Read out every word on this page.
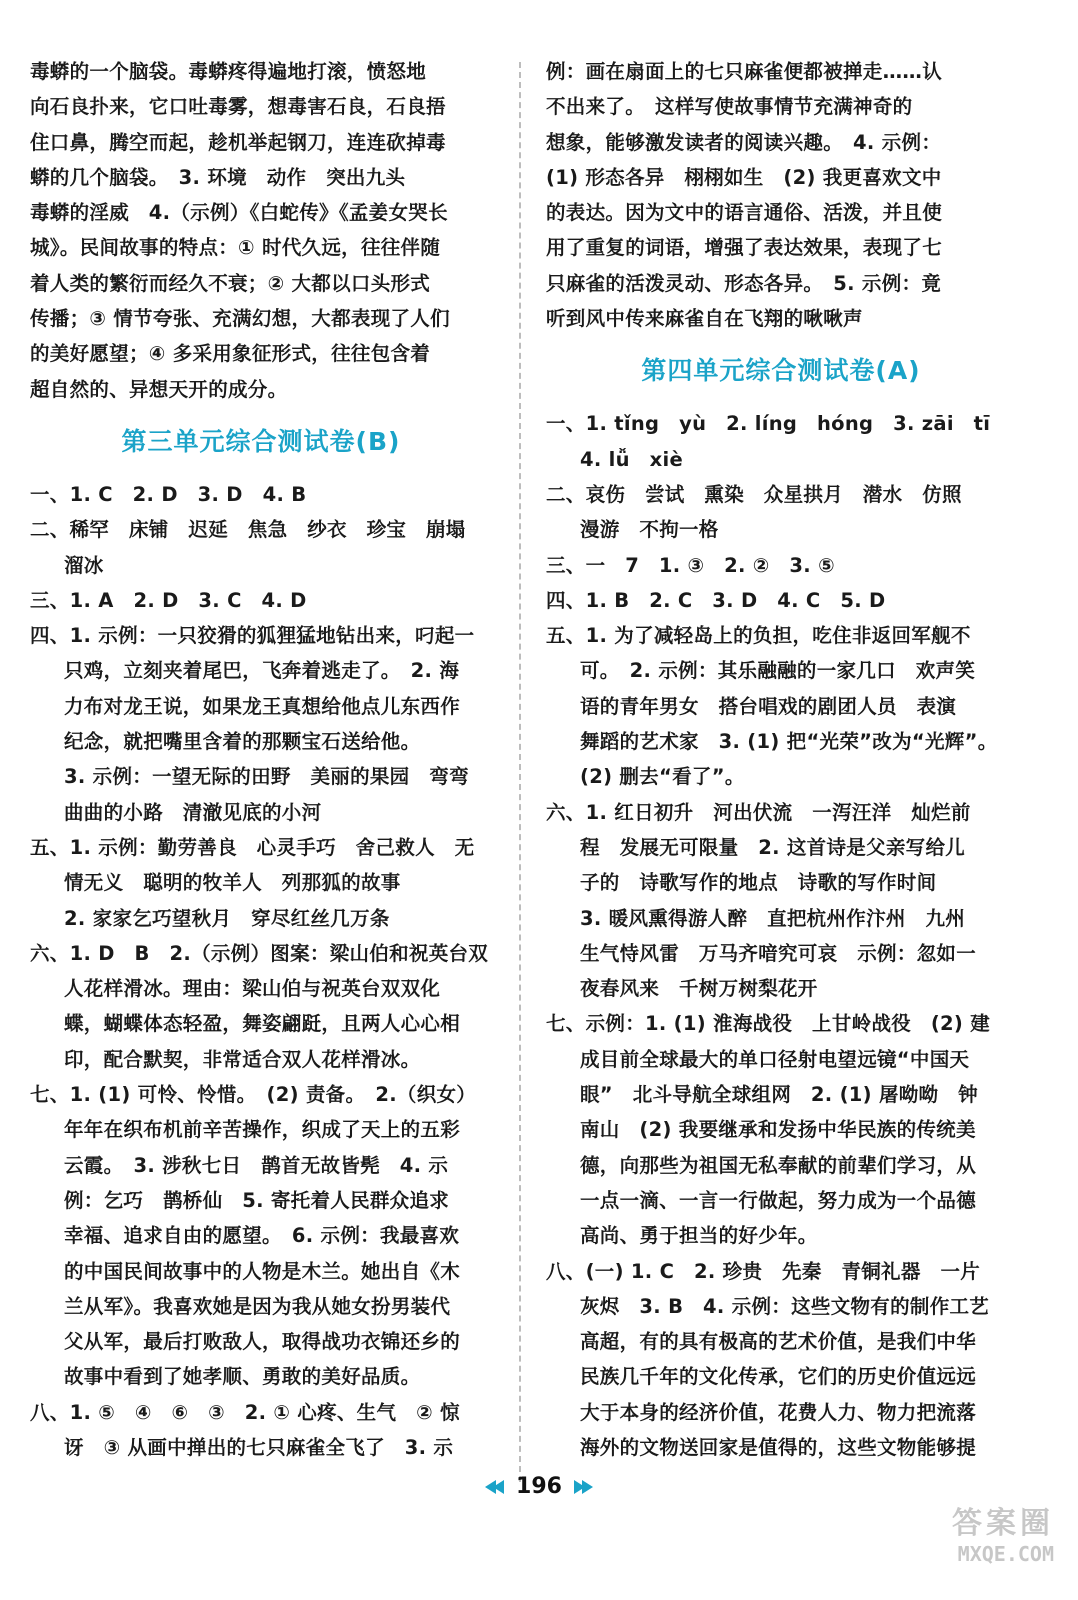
毒蟒的一个脑袋。毒蟒疼得遍地打滚，愤怒地
向石良扑来，它口吐毒雾，想毒害石良，石良捂
住口鼻，腾空而起，趁机举起钢刀，连连砍掉毒
蟒的几个脑袋。　3. 环境　动作　突出九头
毒蟒的淫威　4.（示例）《白蛇传》《孟姜女哭长
城》。民间故事的特点：① 时代久远，往往伴随
着人类的繁衍而经久不衰；② 大都以口头形式
传播；③ 情节夸张、充满幻想，大都表现了人们
的美好愿望；④ 多采用象征形式，往往包含着
超自然的、异想天开的成分。
第三单元综合测试卷(B)
一、1. C　2. D　3. D　4. B
二、稀罕　床铺　迟延　焦急　纱衣　珍宝　崩塌
溜冰
三、1. A　2. D　3. C　4. D
四、1. 示例：一只狡猾的狐狸猛地钻出来，叼起一
只鸡，立刻夹着尾巴，飞奔着逃走了。　2. 海
力布对龙王说，如果龙王真想给他点儿东西作
纪念，就把嘴里含着的那颗宝石送给他。
3. 示例：一望无际的田野　美丽的果园　弯弯
曲曲的小路　清澈见底的小河
五、1. 示例：勤劳善良　心灵手巧　舍己救人　无
情无义　聪明的牧羊人　列那狐的故事
2. 家家乞巧望秋月　穿尽红丝几万条
六、1. D　B　2.（示例）图案：梁山伯和祝英台双
人花样滑冰。理由：梁山伯与祝英台双双化
蝶，蝴蝶体态轻盈，舞姿翩跹，且两人心心相
印，配合默契，非常适合双人花样滑冰。
七、1. (1) 可怜、怜惜。　(2) 责备。　2.（织女）
年年在织布机前辛苦操作，织成了天上的五彩
云霞。　3. 涉秋七日　鹊首无故皆髡　4. 示
例：乞巧　鹊桥仙　5. 寄托着人民群众追求
幸福、追求自由的愿望。　6. 示例：我最喜欢
的中国民间故事中的人物是木兰。她出自《木
兰从军》。我喜欢她是因为我从她女扮男装代
父从军，最后打败敌人，取得战功衣锦还乡的
故事中看到了她孝顺、勇敢的美好品质。
八、1. ⑤　④　⑥　③　2. ① 心疼、生气　② 惊
讶　③ 从画中掸出的七只麻雀全飞了　3. 示
例：画在扇面上的七只麻雀便都被掸走……认
不出来了。　这样写使故事情节充满神奇的
想象，能够激发读者的阅读兴趣。　4. 示例：
(1) 形态各异　栩栩如生　(2) 我更喜欢文中
的表达。因为文中的语言通俗、活泼，并且使
用了重复的词语，增强了表达效果，表现了七
只麻雀的活泼灵动、形态各异。　5. 示例：竟
听到风中传来麻雀自在飞翔的啾啾声
第四单元综合测试卷(A)
一、1. tǐng　yù　2. líng　hóng　3. zāi　tī
4. lǚ　xiè
二、哀伤　尝试　熏染　众星拱月　潜水　仿照
漫游　不拘一格
三、一　7　1. ③　2. ②　3. ⑤
四、1. B　2. C　3. D　4. C　5. D
五、1. 为了减轻岛上的负担，吃住非返回军舰不
可。　2. 示例：其乐融融的一家几口　欢声笑
语的青年男女　搭台唱戏的剧团人员　表演
舞蹈的艺术家　3. (1) 把“光荣”改为“光辉”。
(2) 删去“看了”。
六、1. 红日初升　河出伏流　一泻汪洋　灿烂前
程　发展无可限量　2. 这首诗是父亲写给儿
子的　诗歌写作的地点　诗歌的写作时间
3. 暖风熏得游人醉　直把杭州作汴州　九州
生气恃风雷　万马齐喑究可哀　示例：忽如一
夜春风来　千树万树梨花开
七、示例：1. (1) 淮海战役　上甘岭战役　(2) 建
成目前全球最大的单口径射电望远镜“中国天
眼”　北斗导航全球组网　2. (1) 屠呦呦　钟
南山　(2) 我要继承和发扬中华民族的传统美
德，向那些为祖国无私奉献的前辈们学习，从
一点一滴、一言一行做起，努力成为一个品德
高尚、勇于担当的好少年。
八、(一) 1. C　2. 珍贵　先秦　青铜礼器　一片
灰烬　3. B　4. 示例：这些文物有的制作工艺
高超，有的具有极高的艺术价值，是我们中华
民族几千年的文化传承，它们的历史价值远远
大于本身的经济价值，花费人力、物力把流落
海外的文物送回家是值得的，这些文物能够提
196
答案圈
MXQE.COM
